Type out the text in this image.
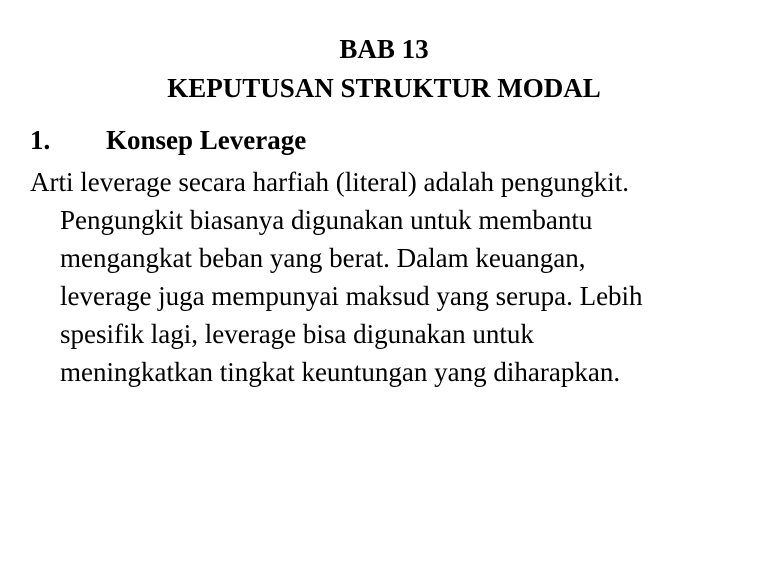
BAB 13
KEPUTUSAN STRUKTUR MODAL
1. Konsep Leverage
Arti leverage secara harfiah (literal) adalah pengungkit.
Pengungkit biasanya digunakan untuk membantu
mengangkat beban yang berat. Dalam keuangan,
leverage juga mempunyai maksud yang serupa. Lebih
spesifik lagi, leverage bisa digunakan untuk
meningkatkan tingkat keuntungan yang diharapkan.
